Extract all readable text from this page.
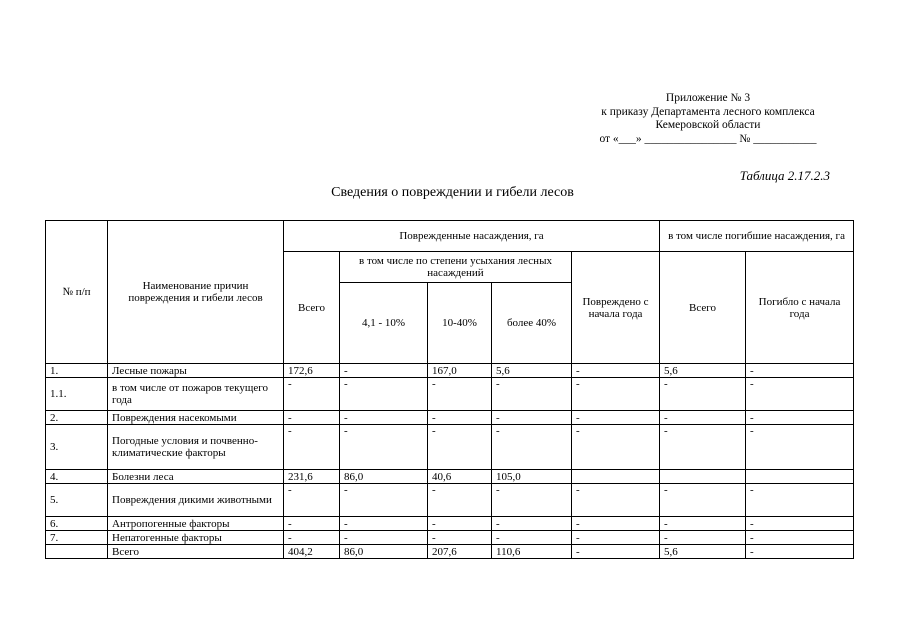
Приложение № 3
к приказу Департамента лесного комплекса
Кемеровской области
от «___» ________________ № ___________
Таблица 2.17.2.3
Сведения о повреждении и гибели лесов
№ п/п	Наименование причин повреждения и гибели лесов	Поврежденные насаждения, га					в том числе погибшие насаждения, га	
		Всего	в том числе по степени усыхания лесных насаждений			Повреждено с начала года	Всего	Погибло с начала года
			4,1 - 10%	10-40%	более 40%			
1.	Лесные пожары	172,6	-	167,0	5,6	-	5,6	-
1.1.	в том числе от пожаров текущего года	-	-	-	-	-	-	-
2.	Повреждения насекомыми	-	-	-	-	-	-	-
3.	Погодные условия и почвенно-климатические факторы	-	-	-	-	-	-	-
4.	Болезни леса	231,6	86,0	40,6	105,0			
5.	Повреждения дикими животными	-	-	-	-	-	-	-
6.	Антропогенные факторы	-	-	-	-	-	-	-
7.	Непатогенные факторы	-	-	-	-	-	-	-
	Всего	404,2	86,0	207,6	110,6	-	5,6	-
